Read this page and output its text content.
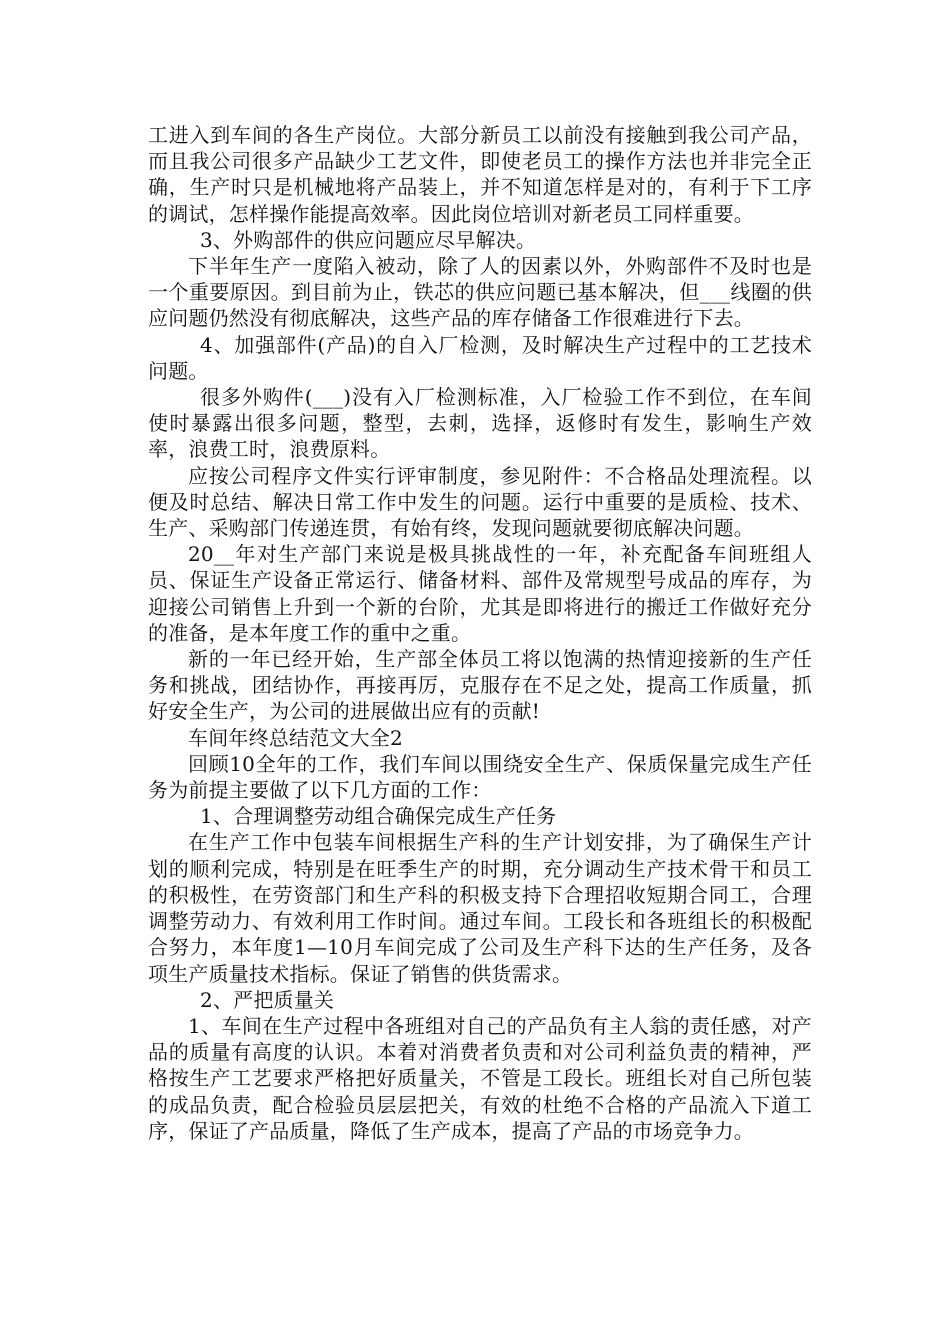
工进入到车间的各生产岗位。大部分新员工以前没有接触到我公司产品，而且我公司很多产品缺少工艺文件，即使老员工的操作方法也并非完全正确，生产时只是机械地将产品装上，并不知道怎样是对的，有利于下工序的调试，怎样操作能提高效率。因此岗位培训对新老员工同样重要。

3、外购部件的供应问题应尽早解决。

下半年生产一度陷入被动，除了人的因素以外，外购部件不及时也是一个重要原因。到目前为止，铁芯的供应问题已基本解决，但___线圈的供应问题仍然没有彻底解决，这些产品的库存储备工作很难进行下去。

4、加强部件(产品)的自入厂检测，及时解决生产过程中的工艺技术问题。

很多外购件(___)没有入厂检测标准，入厂检验工作不到位，在车间使时暴露出很多问题，整型，去刺，选择，返修时有发生，影响生产效率，浪费工时，浪费原料。

应按公司程序文件实行评审制度，参见附件：不合格品处理流程。以便及时总结、解决日常工作中发生的问题。运行中重要的是质检、技术、生产、采购部门传递连贯，有始有终，发现问题就要彻底解决问题。

20__年对生产部门来说是极具挑战性的一年，补充配备车间班组人员、保证生产设备正常运行、储备材料、部件及常规型号成品的库存，为迎接公司销售上升到一个新的台阶，尤其是即将进行的搬迁工作做好充分的准备，是本年度工作的重中之重。

新的一年已经开始，生产部全体员工将以饱满的热情迎接新的生产任务和挑战，团结协作，再接再厉，克服存在不足之处，提高工作质量，抓好安全生产，为公司的进展做出应有的贡献!

车间年终总结范文大全2

回顾10全年的工作，我们车间以围绕安全生产、保质保量完成生产任务为前提主要做了以下几方面的工作：

1、合理调整劳动组合确保完成生产任务

在生产工作中包装车间根据生产科的生产计划安排，为了确保生产计划的顺利完成，特别是在旺季生产的时期，充分调动生产技术骨干和员工的积极性，在劳资部门和生产科的积极支持下合理招收短期合同工，合理调整劳动力、有效利用工作时间。通过车间。工段长和各班组长的积极配合努力，本年度1—10月车间完成了公司及生产科下达的生产任务，及各项生产质量技术指标。保证了销售的供货需求。

2、严把质量关

1、车间在生产过程中各班组对自己的产品负有主人翁的责任感，对产品的质量有高度的认识。本着对消费者负责和对公司利益负责的精神，严格按生产工艺要求严格把好质量关，不管是工段长。班组长对自己所包装的成品负责，配合检验员层层把关，有效的杜绝不合格的产品流入下道工序，保证了产品质量，降低了生产成本，提高了产品的市场竞争力。
